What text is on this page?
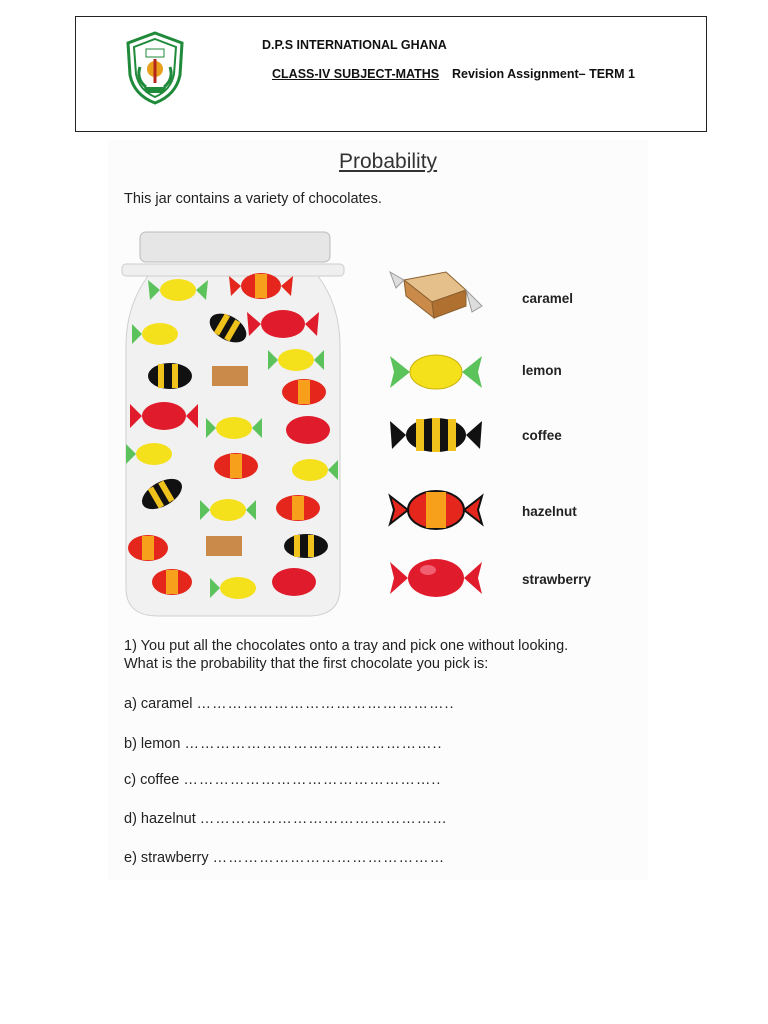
D.P.S INTERNATIONAL GHANA
CLASS-IV SUBJECT-MATHS Revision Assignment– TERM 1
Probability
This jar contains a variety of chocolates.
caramel
lemon
coffee
hazelnut
strawberry
1) You put all the chocolates onto a tray and pick one without looking. What is the probability that the first chocolate you pick is:
a) caramel …………………………………………..
b) lemon …………………………………………..
c) coffee …………………………………………..
d) hazelnut …………………………………………
e) strawberry ………………………………………
